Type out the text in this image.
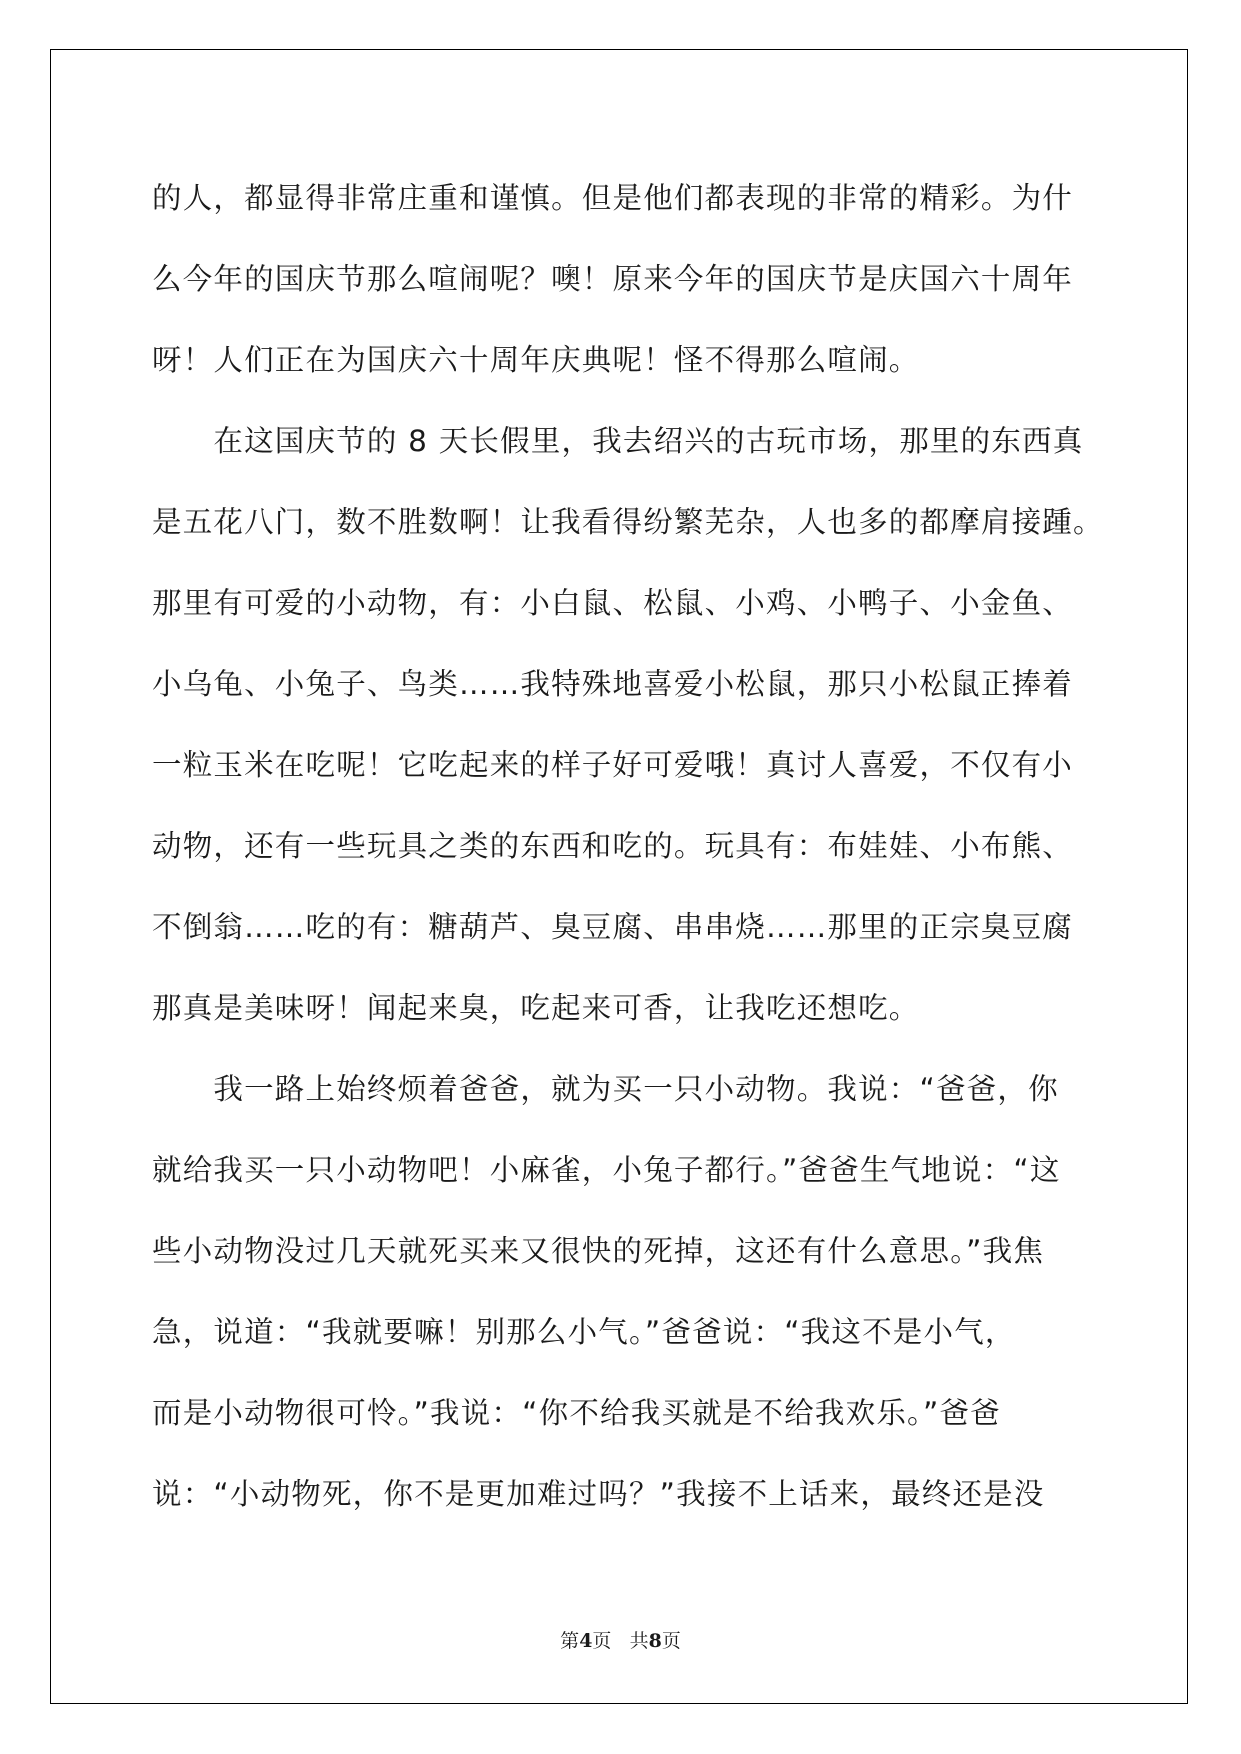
的人，都显得非常庄重和谨慎。但是他们都表现的非常的精彩。为什
么今年的国庆节那么喧闹呢？噢！原来今年的国庆节是庆国六十周年
呀！人们正在为国庆六十周年庆典呢！怪不得那么喧闹。
　　在这国庆节的 8 天长假里，我去绍兴的古玩市场，那里的东西真
是五花八门，数不胜数啊！让我看得纷繁芜杂，人也多的都摩肩接踵。
那里有可爱的小动物，有：小白鼠、松鼠、小鸡、小鸭子、小金鱼、
小乌龟、小兔子、鸟类……我特殊地喜爱小松鼠，那只小松鼠正捧着
一粒玉米在吃呢！它吃起来的样子好可爱哦！真讨人喜爱，不仅有小
动物，还有一些玩具之类的东西和吃的。玩具有：布娃娃、小布熊、
不倒翁……吃的有：糖葫芦、臭豆腐、串串烧……那里的正宗臭豆腐
那真是美味呀！闻起来臭，吃起来可香，让我吃还想吃。
　　我一路上始终烦着爸爸，就为买一只小动物。我说：“爸爸，你
就给我买一只小动物吧！小麻雀，小兔子都行。”爸爸生气地说：“这
些小动物没过几天就死买来又很快的死掉，这还有什么意思。”我焦
急，说道：“我就要嘛！别那么小气。”爸爸说：“我这不是小气，
而是小动物很可怜。”我说：“你不给我买就是不给我欢乐。”爸爸
说：“小动物死，你不是更加难过吗？”我接不上话来，最终还是没
第4页 共8页
